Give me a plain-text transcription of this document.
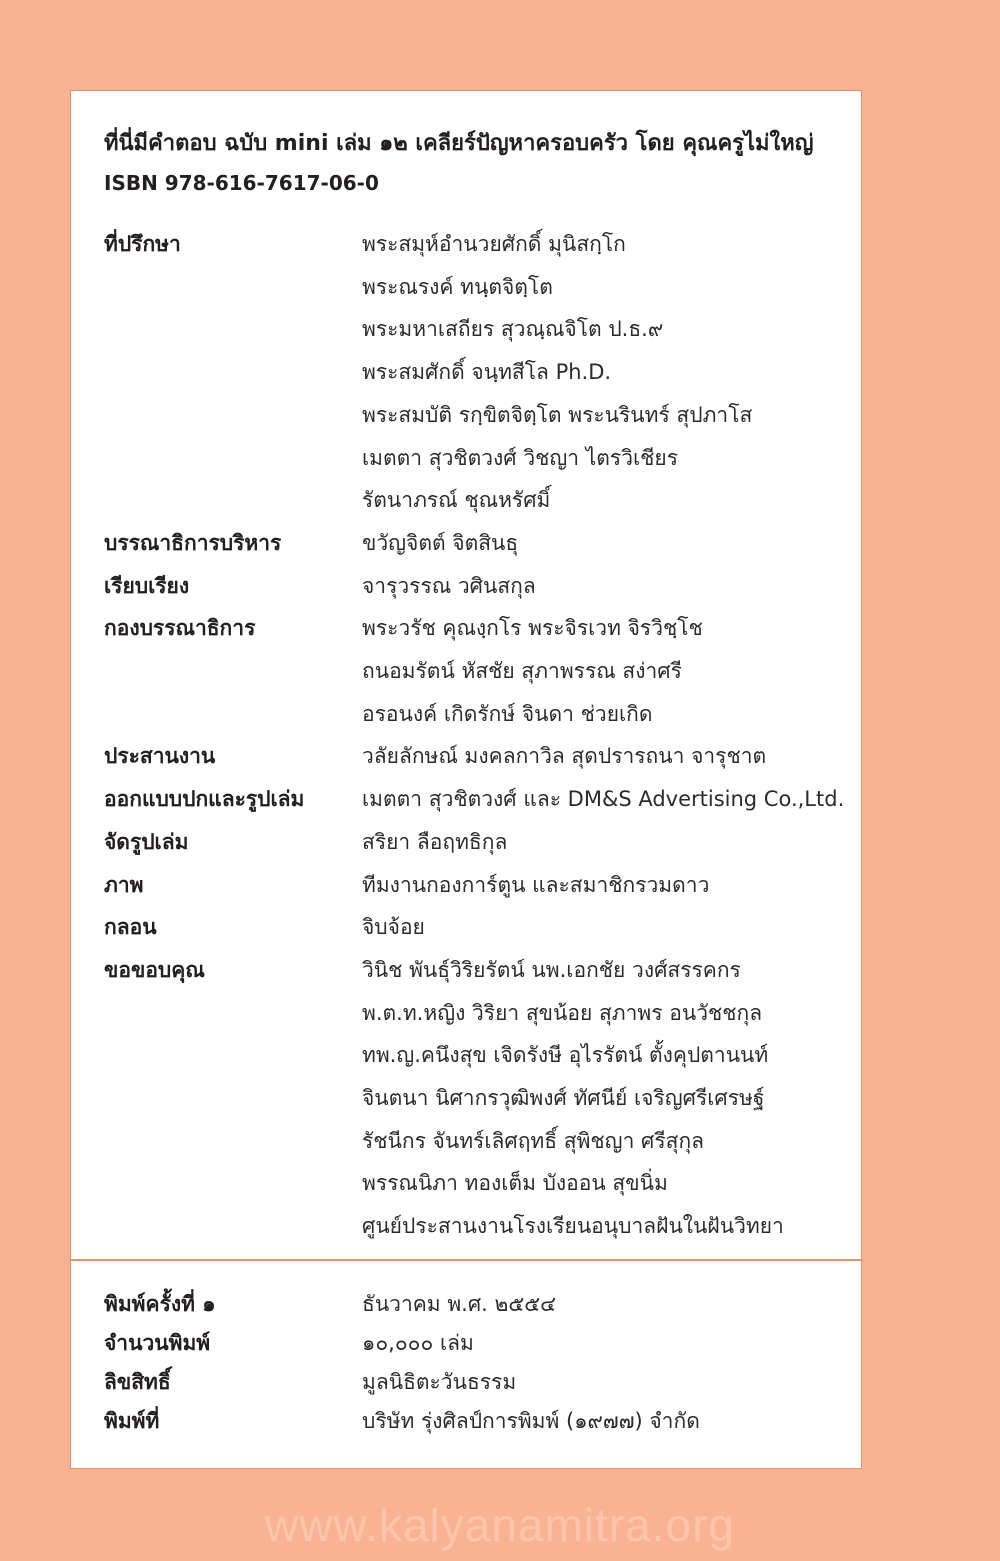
ที่นี่มีคำตอบ ฉบับ mini เล่ม ๑๒ เคลียร์ปัญหาครอบครัว โดย คุณครูไม่ใหญ่
ISBN 978-616-7617-06-0
ที่ปรึกษา	พระสมุห์อำนวยศักดิ์ มุนิสกฺโก
พระณรงค์ ทนฺตจิตฺโต
พระมหาเสถียร สุวณฺณจิโต ป.ธ.๙
พระสมศักดิ์ จนฺทสีโล Ph.D.
พระสมบัติ รกฺขิตจิตฺโต พระนรินทร์ สุปภาโส
เมตตา สุวชิตวงศ์ วิชญา ไตรวิเชียร
รัตนาภรณ์ ชุณหรัศมิ์
บรรณาธิการบริหาร	ขวัญจิตต์ จิตสินธุ
เรียบเรียง	จารุวรรณ วศินสกุล
กองบรรณาธิการ	พระวรัช คุณงฺกโร พระจิรเวท จิรวิชฺโช
ถนอมรัตน์ หัสชัย สุภาพรรณ สง่าศรี
อรอนงค์ เกิดรักษ์ จินดา ช่วยเกิด
ประสานงาน	วลัยลักษณ์ มงคลกาวิล สุดปรารถนา จารุชาต
ออกแบบปกและรูปเล่ม	เมตตา สุวชิตวงศ์ และ DM&S Advertising Co.,Ltd.
จัดรูปเล่ม	สริยา ลือฤทธิกุล
ภาพ	ทีมงานกองการ์ตูน และสมาชิกรวมดาว
กลอน	จิบจ้อย
ขอขอบคุณ	วินิช พันธุ์วิริยรัตน์ นพ.เอกชัย วงศ์สรรคกร
พ.ต.ท.หญิง วิริยา สุขน้อย สุภาพร อนวัชชกุล
ทพ.ญ.คนึงสุข เจิดรังษี อุไรรัตน์ ตั้งคุปตานนท์
จินตนา นิศากรวุฒิพงศ์ ทัศนีย์ เจริญศรีเศรษฐ์
รัชนีกร จันทร์เลิศฤทธิ์ สุพิชญา ศรีสุกุล
พรรณนิภา ทองเต็ม บังออน สุขนิ่ม
ศูนย์ประสานงานโรงเรียนอนุบาลฝันในฝันวิทยา
พิมพ์ครั้งที่ ๑	ธันวาคม พ.ศ. ๒๕๕๔
จำนวนพิมพ์	๑๐,๐๐๐ เล่ม
ลิขสิทธิ์	มูลนิธิตะวันธรรม
พิมพ์ที่	บริษัท รุ่งศิลป์การพิมพ์ (๑๙๗๗) จำกัด
www.kalyanamitra.org
